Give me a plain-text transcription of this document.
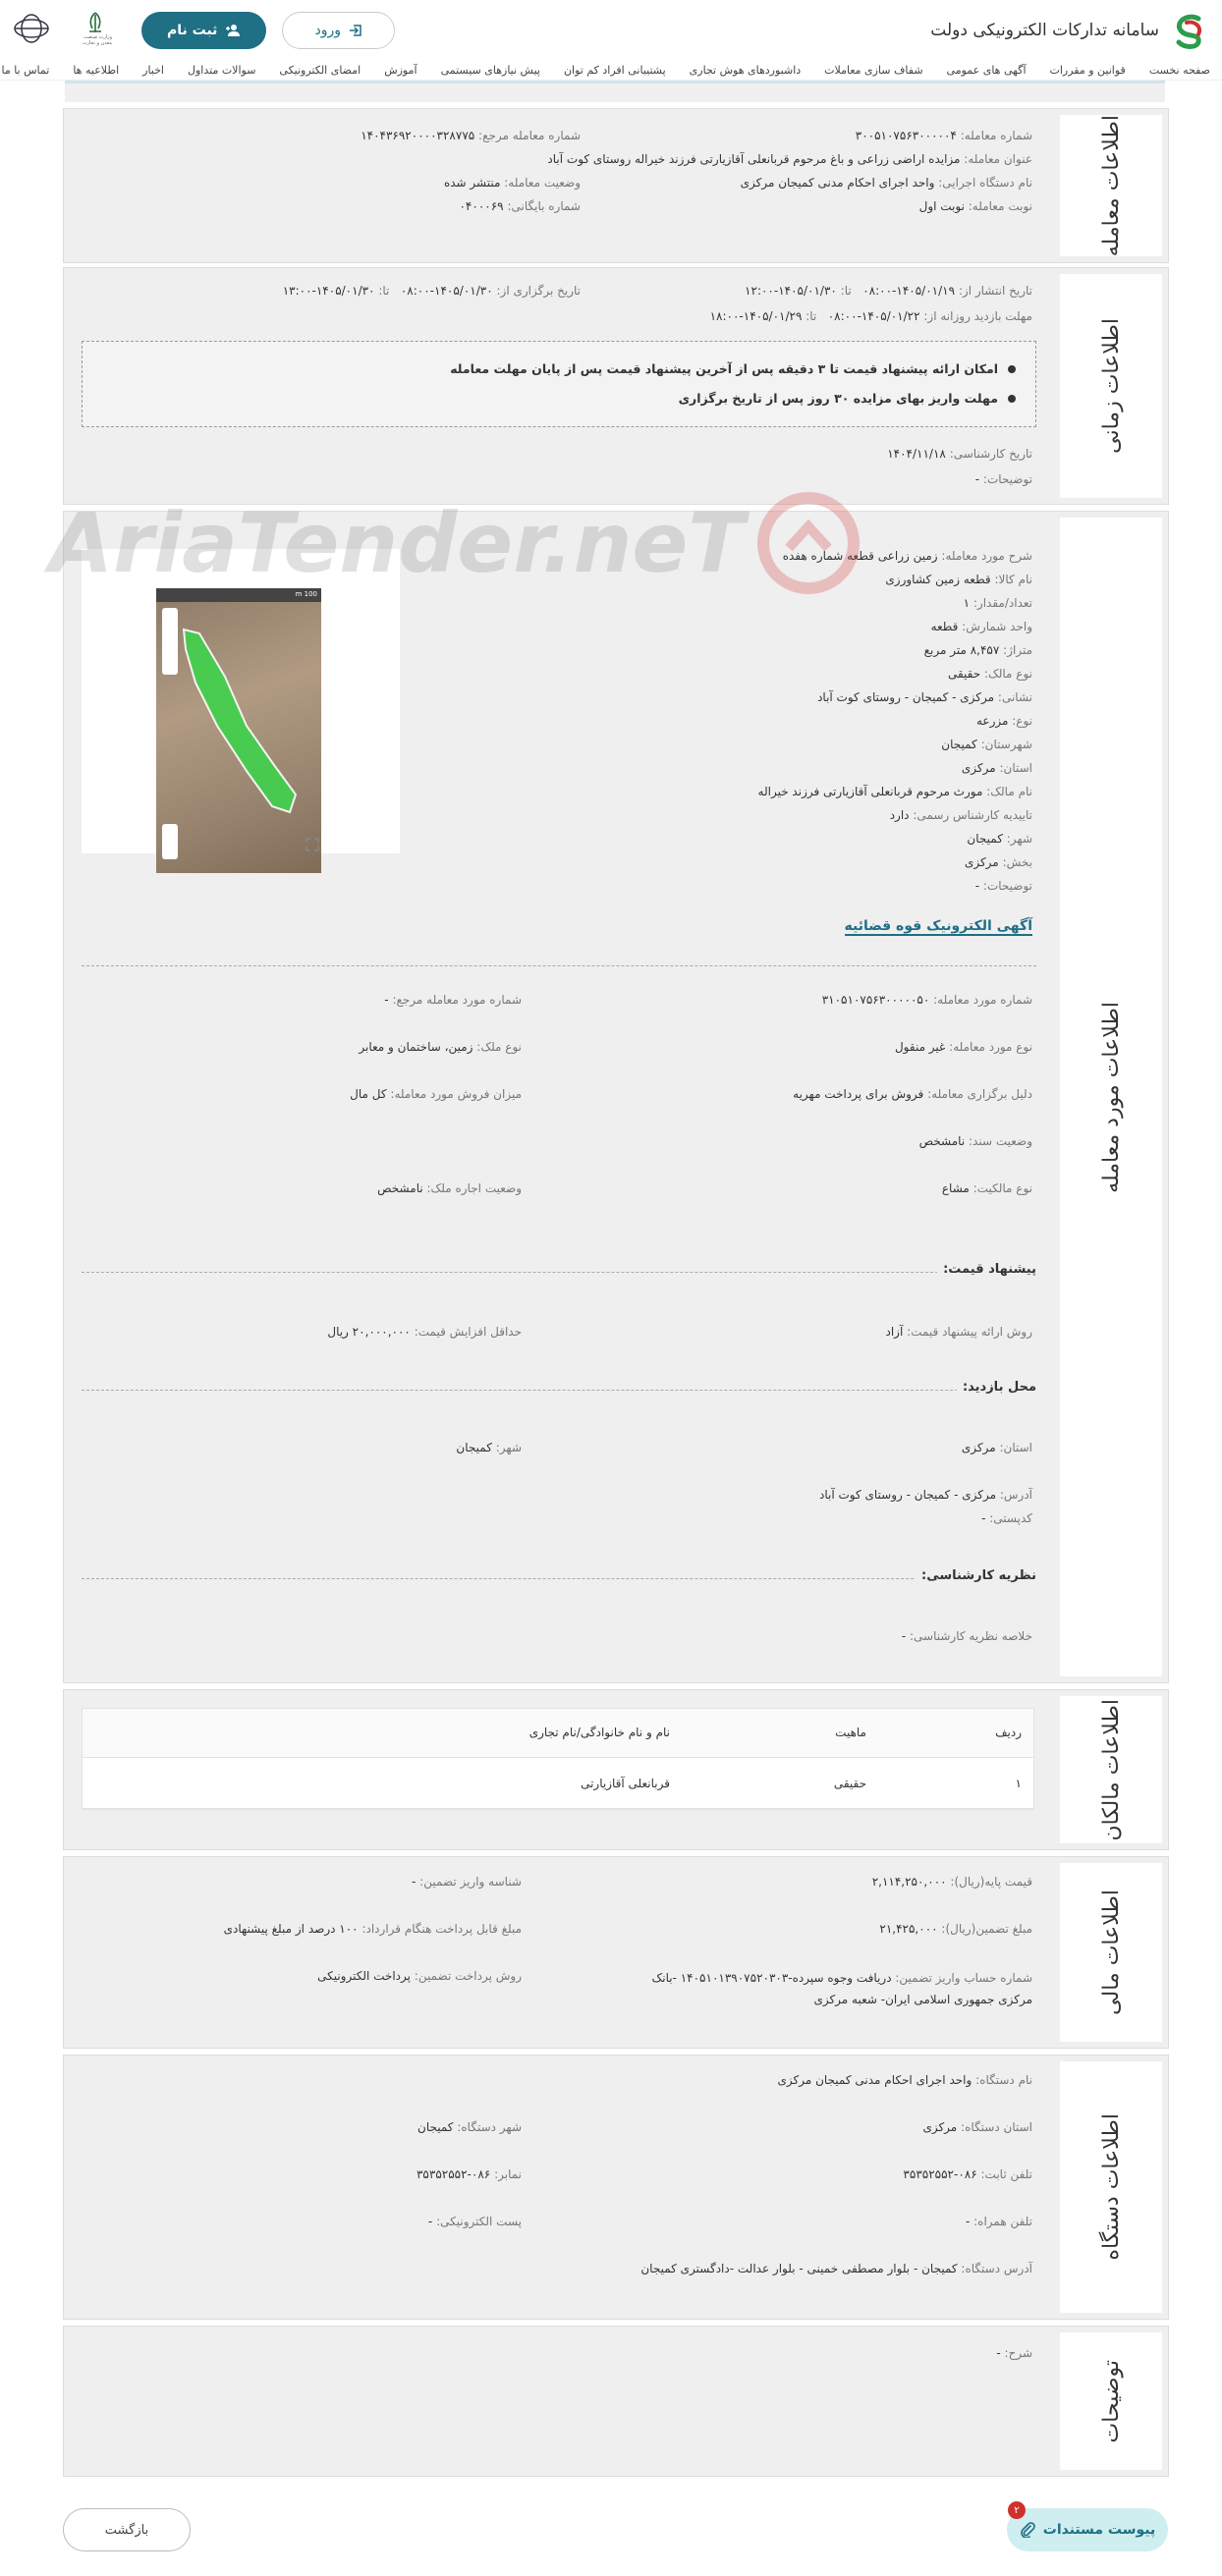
سامانه تدارکات الکترونیکی دولت
ورود
ثبت نام
وزارت صنعت، معدن و تجارت
صفحه نخست
قوانین و مقررات
آگهی های عمومی
شفاف سازی معاملات
داشبوردهای هوش تجاری
پشتیبانی افراد کم توان
پیش نیازهای سیستمی
آموزش
امضای الکترونیکی
سوالات متداول
اخبار
اطلاعیه ها
تماس با ما
اطلاعات معامله
شماره معامله: ۳۰۰۵۱۰۷۵۶۳۰۰۰۰۰۴
شماره معامله مرجع: ۱۴۰۴۳۶۹۲۰۰۰۰۳۲۸۷۷۵
عنوان معامله: مزایده اراضی زراعی و باغ مرحوم قربانعلی آقازیارتی فرزند خیراله روستای کوت آباد
نام دستگاه اجرایی: واحد اجرای احکام مدنی کمیجان مرکزی
وضعیت معامله: منتشر شده
نوبت معامله: نوبت اول
شماره بایگانی: ۰۴۰۰۰۶۹
اطلاعات زمانی
تاریخ انتشار از: ۱۴۰۵/۰۱/۱۹-۰۸:۰۰   تا: ۱۴۰۵/۰۱/۳۰-۱۲:۰۰
تاریخ برگزاری از: ۱۴۰۵/۰۱/۳۰-۰۸:۰۰   تا: ۱۴۰۵/۰۱/۳۰-۱۳:۰۰
مهلت بازدید روزانه از: ۱۴۰۵/۰۱/۲۲-۰۸:۰۰   تا: ۱۴۰۵/۰۱/۲۹-۱۸:۰۰
امکان ارائه پیشنهاد قیمت تا ۳ دقیقه پس از آخرین پیشنهاد قیمت پس از پایان مهلت معامله
مهلت واریز بهای مزایده ۳۰ روز پس از تاریخ برگزاری
تاریخ کارشناسی: ۱۴۰۴/۱۱/۱۸
توضیحات: -
اطلاعات مورد معامله
100 m
شرح مورد معامله: زمین زراعی قطعه شماره هفده
نام کالا: قطعه زمین کشاورزی
تعداد/مقدار: ۱
واحد شمارش: قطعه
متراژ: ۸,۴۵۷ متر مربع
نوع مالک: حقیقی
نشانی: مرکزی - کمیجان - روستای کوت آباد
نوع: مزرعه
شهرستان: کمیجان
استان: مرکزی
نام مالک: مورث مرحوم قربانعلی آقازیارتی فرزند خیراله
تاییدیه کارشناس رسمی: دارد
شهر: کمیجان
بخش: مرکزی
توضیحات: -
آگهی الکترونیک قوه قضائیه
شماره مورد معامله: ۳۱۰۵۱۰۷۵۶۳۰۰۰۰۰۵۰
شماره مورد معامله مرجع: -
نوع مورد معامله: غیر منقول
نوع ملک: زمین، ساختمان و معابر
دلیل برگزاری معامله: فروش برای پرداخت مهریه
میزان فروش مورد معامله: کل مال
وضعیت سند: نامشخص
نوع مالکیت: مشاع
وضعیت اجاره ملک: نامشخص
پیشنهاد قیمت:
روش ارائه پیشنهاد قیمت: آزاد
حداقل افزایش قیمت: ۲۰,۰۰۰,۰۰۰ ریال
محل بازدید:
استان: مرکزی
شهر: کمیجان
آدرس: مرکزی - کمیجان - روستای کوت آباد
کدپستی: -
نظریه کارشناسی:
خلاصه نظریه کارشناسی: -
اطلاعات مالکان
ردیف
ماهیت
نام و نام خانوادگی/نام تجاری
۱
حقیقی
قربانعلی آقازیارتی
اطلاعات مالی
قیمت پایه(ریال): ۲,۱۱۴,۲۵۰,۰۰۰
شناسه واریز تضمین: -
مبلغ تضمین(ریال): ۲۱,۴۲۵,۰۰۰
مبلغ قابل پرداخت هنگام قرارداد: ۱۰۰ درصد از مبلغ پیشنهادی
شماره حساب واریز تضمین: دریافت وجوه سپرده-۱۴۰۵۱۰۱۳۹۰۷۵۲۰۳۰۳ -بانک مرکزی جمهوری اسلامی ایران- شعبه مرکزی
روش پرداخت تضمین: پرداخت الکترونیکی
اطلاعات دستگاه
نام دستگاه: واحد اجرای احکام مدنی کمیجان مرکزی
استان دستگاه: مرکزی
شهر دستگاه: کمیجان
تلفن ثابت: ۰۸۶-۳۵۳۵۲۵۵۲
نمابر: ۰۸۶-۳۵۳۵۲۵۵۲
تلفن همراه: -
پست الکترونیکی: -
آدرس دستگاه: کمیجان - بلوار مصطفی خمینی - بلوار عدالت -دادگستری کمیجان
توضیحات
شرح: -
پیوست مستندات
۲
بازگشت
AriaTender.neT
